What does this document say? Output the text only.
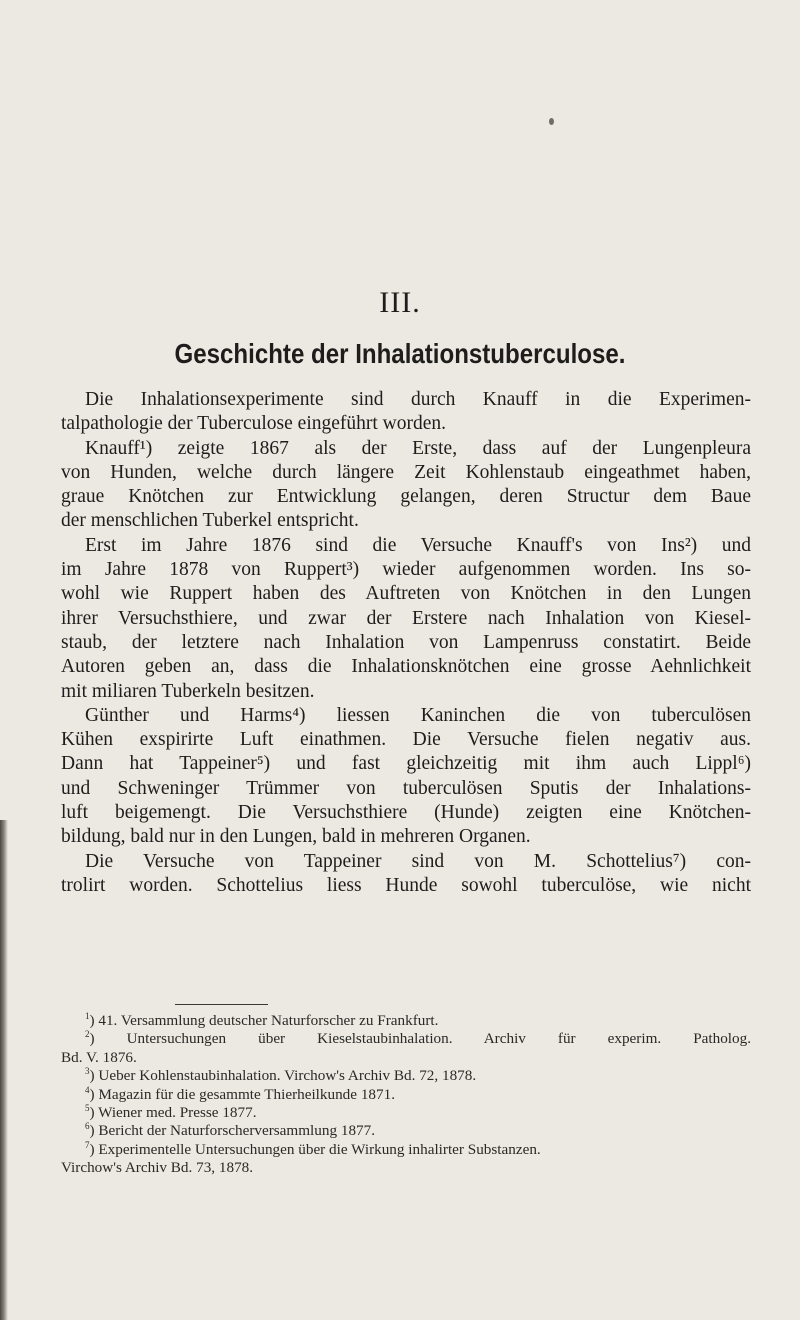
III.
Geschichte der Inhalationstuberculose.
Die Inhalationsexperimente sind durch Knauff in die Experimen-
talpathologie der Tuberculose eingeführt worden.
Knauff¹) zeigte 1867 als der Erste, dass auf der Lungenpleura
von Hunden, welche durch längere Zeit Kohlenstaub eingeathmet haben,
graue Knötchen zur Entwicklung gelangen, deren Structur dem Baue
der menschlichen Tuberkel entspricht.
Erst im Jahre 1876 sind die Versuche Knauff's von Ins²) und
im Jahre 1878 von Ruppert³) wieder aufgenommen worden. Ins so-
wohl wie Ruppert haben des Auftreten von Knötchen in den Lungen
ihrer Versuchsthiere, und zwar der Erstere nach Inhalation von Kiesel-
staub, der letztere nach Inhalation von Lampenruss constatirt. Beide
Autoren geben an, dass die Inhalationsknötchen eine grosse Aehnlichkeit
mit miliaren Tuberkeln besitzen.
Günther und Harms⁴) liessen Kaninchen die von tuberculösen
Kühen exspirirte Luft einathmen. Die Versuche fielen negativ aus.
Dann hat Tappeiner⁵) und fast gleichzeitig mit ihm auch Lippl⁶)
und Schweninger Trümmer von tuberculösen Sputis der Inhalations-
luft beigemengt. Die Versuchsthiere (Hunde) zeigten eine Knötchen-
bildung, bald nur in den Lungen, bald in mehreren Organen.
Die Versuche von Tappeiner sind von M. Schottelius⁷) con-
trolirt worden. Schottelius liess Hunde sowohl tuberculöse, wie nicht
$^1$) 41. Versammlung deutscher Naturforscher zu Frankfurt.
$^2$) Untersuchungen über Kieselstaubinhalation. Archiv für experim. Patholog.
Bd. V. 1876.
$^3$) Ueber Kohlenstaubinhalation. Virchow's Archiv Bd. 72, 1878.
$^4$) Magazin für die gesammte Thierheilkunde 1871.
$^5$) Wiener med. Presse 1877.
$^6$) Bericht der Naturforscherversammlung 1877.
$^7$) Experimentelle Untersuchungen über die Wirkung inhalirter Substanzen.
Virchow's Archiv Bd. 73, 1878.
